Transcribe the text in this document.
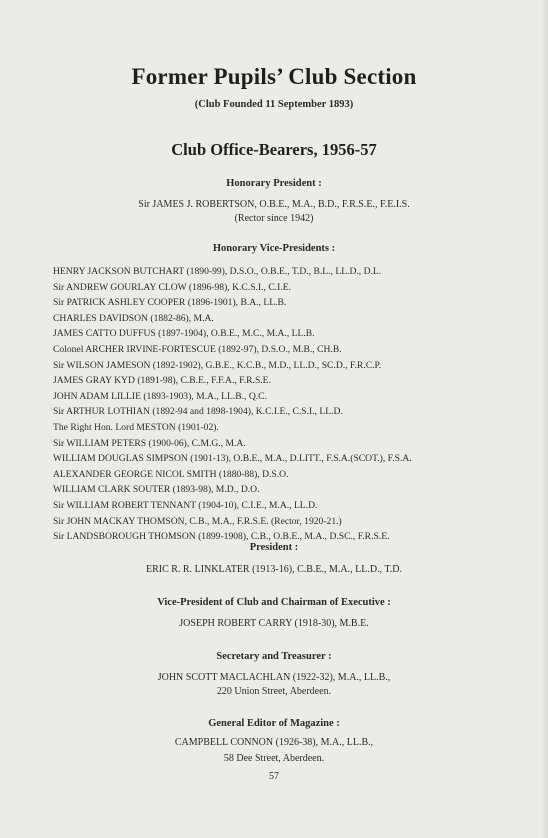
Former Pupils’ Club Section
(Club Founded 11 September 1893)
Club Office-Bearers, 1956-57
Honorary President :
Sir JAMES J. ROBERTSON, O.B.E., M.A., B.D., F.R.S.E., F.E.I.S.
(Rector since 1942)
Honorary Vice-Presidents :
HENRY JACKSON BUTCHART (1890-99), D.S.O., O.B.E., T.D., B.L., LL.D., D.L.
Sir ANDREW GOURLAY CLOW (1896-98), K.C.S.I., C.I.E.
Sir PATRICK ASHLEY COOPER (1896-1901), B.A., LL.B.
CHARLES DAVIDSON (1882-86), M.A.
JAMES CATTO DUFFUS (1897-1904), O.B.E., M.C., M.A., LL.B.
Colonel ARCHER IRVINE-FORTESCUE (1892-97), D.S.O., M.B., CH.B.
Sir WILSON JAMESON (1892-1902), G.B.E., K.C.B., M.D., LL.D., SC.D., F.R.C.P.
JAMES GRAY KYD (1891-98), C.B.E., F.F.A., F.R.S.E.
JOHN ADAM LILLIE (1893-1903), M.A., LL.B., Q.C.
Sir ARTHUR LOTHIAN (1892-94 and 1898-1904), K.C.I.E., C.S.I., LL.D.
The Right Hon. Lord MESTON (1901-02).
Sir WILLIAM PETERS (1900-06), C.M.G., M.A.
WILLIAM DOUGLAS SIMPSON (1901-13), O.B.E., M.A., D.LITT., F.S.A.(SCOT.), F.S.A.
ALEXANDER GEORGE NICOL SMITH (1880-88), D.S.O.
WILLIAM CLARK SOUTER (1893-98), M.D., D.O.
Sir WILLIAM ROBERT TENNANT (1904-10), C.I.E., M.A., LL.D.
Sir JOHN MACKAY THOMSON, C.B., M.A., F.R.S.E. (Rector, 1920-21.)
Sir LANDSBOROUGH THOMSON (1899-1908), C.B., O.B.E., M.A., D.SC., F.R.S.E.
President :
ERIC R. R. LINKLATER (1913-16), C.B.E., M.A., LL.D., T.D.
Vice-President of Club and Chairman of Executive :
JOSEPH ROBERT CARRY (1918-30), M.B.E.
Secretary and Treasurer :
JOHN SCOTT MACLACHLAN (1922-32), M.A., LL.B.,
220 Union Street, Aberdeen.
General Editor of Magazine :
CAMPBELL CONNON (1926-38), M.A., LL.B.,
58 Dee Street, Aberdeen.
57
